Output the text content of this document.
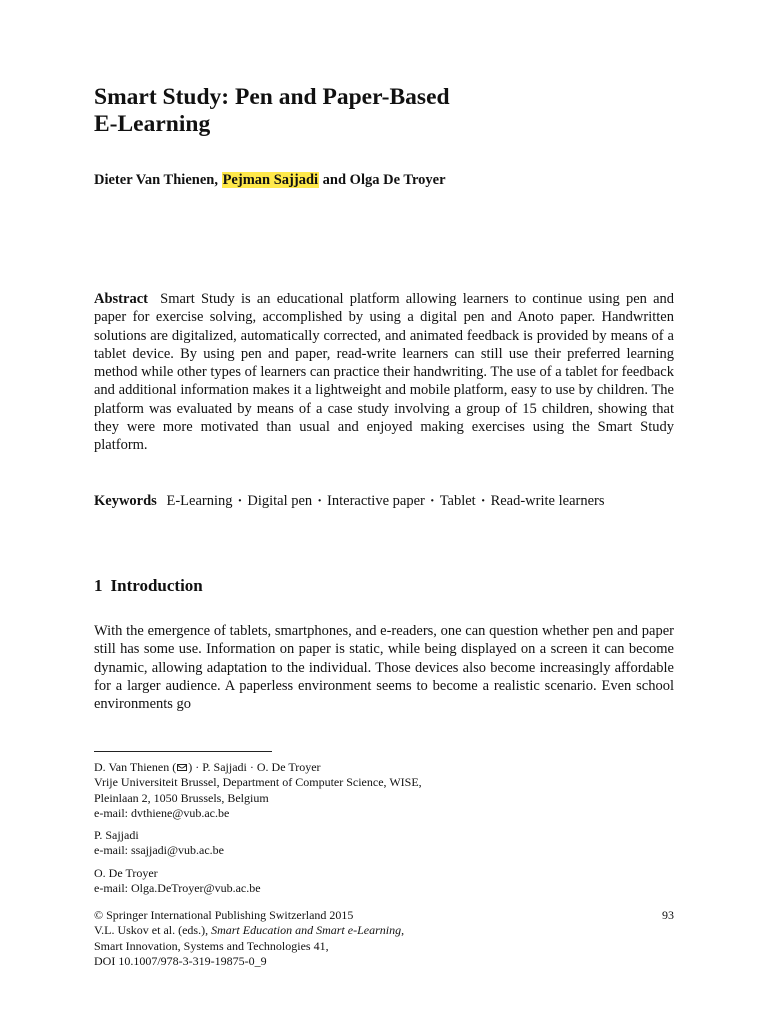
Smart Study: Pen and Paper-Based
E-Learning
Dieter Van Thienen, Pejman Sajjadi and Olga De Troyer

Abstract Smart Study is an educational platform allowing learners to continue using pen and paper for exercise solving, accomplished by using a digital pen and Anoto paper. Handwritten solutions are digitalized, automatically corrected, and animated feedback is provided by means of a tablet device. By using pen and paper, read-write learners can still use their preferred learning method while other types of learners can practice their handwriting. The use of a tablet for feedback and additional information makes it a lightweight and mobile platform, easy to use by children. The platform was evaluated by means of a case study involving a group of 15 children, showing that they were more motivated than usual and enjoyed making exercises using the Smart Study platform.

Keywords E-Learning · Digital pen · Interactive paper · Tablet · Read-write learners

1 Introduction

With the emergence of tablets, smartphones, and e-readers, one can question whether pen and paper still has some use. Information on paper is static, while being displayed on a screen it can become dynamic, allowing adaptation to the individual. Those devices also become increasingly affordable for a larger audience. A paperless environment seems to become a realistic scenario. Even school environments go

D. Van Thienen ( ) · P. Sajjadi · O. De Troyer
Vrije Universiteit Brussel, Department of Computer Science, WISE,
Pleinlaan 2, 1050 Brussels, Belgium
e-mail: dvthiene@vub.ac.be
P. Sajjadi
e-mail: ssajjadi@vub.ac.be
O. De Troyer
e-mail: Olga.DeTroyer@vub.ac.be
© Springer International Publishing Switzerland 2015
V.L. Uskov et al. (eds.), Smart Education and Smart e-Learning,
Smart Innovation, Systems and Technologies 41,
DOI 10.1007/978-3-319-19875-0_9
93
